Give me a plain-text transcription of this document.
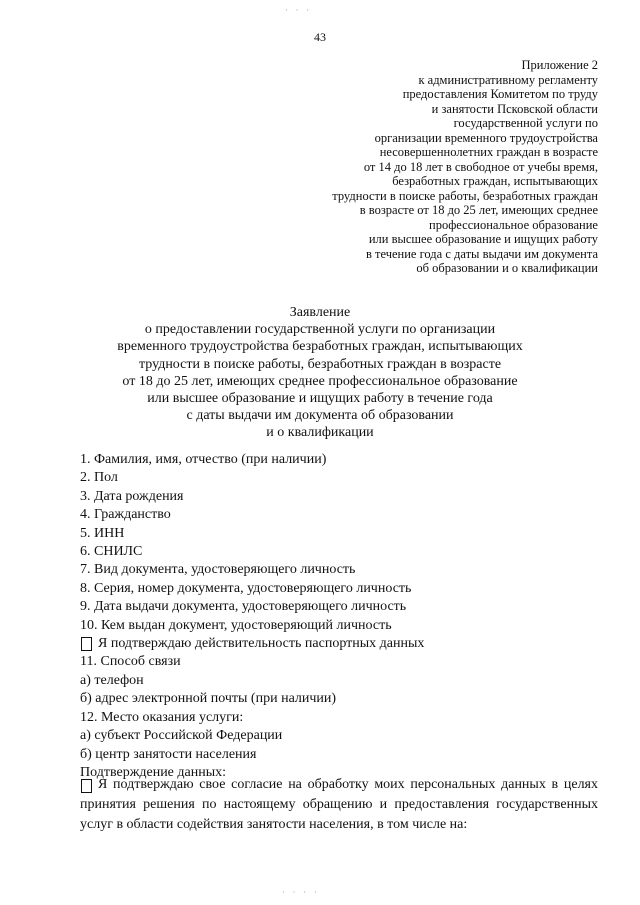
· · ·
43
Приложение 2
к административному регламенту
предоставления Комитетом по труду
и занятости Псковской области
государственной услуги по
организации временного трудоустройства
несовершеннолетних граждан в возрасте
от 14 до 18 лет в свободное от учебы время,
безработных граждан, испытывающих
трудности в поиске работы, безработных граждан
в возрасте от 18 до 25 лет, имеющих среднее
профессиональное образование
или высшее образование и ищущих работу
в течение года с даты выдачи им документа
об образовании и о квалификации
Заявление
о предоставлении государственной услуги по организации
временного трудоустройства безработных граждан, испытывающих
трудности в поиске работы, безработных граждан в возрасте
от 18 до 25 лет, имеющих среднее профессиональное образование
или высшее образование и ищущих работу в течение года
с даты выдачи им документа об образовании
и о квалификации
1. Фамилия, имя, отчество (при наличии)
2. Пол
3. Дата рождения
4. Гражданство
5. ИНН
6. СНИЛС
7. Вид документа, удостоверяющего личность
8. Серия, номер документа, удостоверяющего личность
9. Дата выдачи документа, удостоверяющего личность
10. Кем выдан документ, удостоверяющий личность
Я подтверждаю действительность паспортных данных
11. Способ связи
а) телефон
б) адрес электронной почты (при наличии)
12. Место оказания услуги:
а) субъект Российской Федерации
б) центр занятости населения
Подтверждение данных:
Я подтверждаю свое согласие на обработку моих персональных данных в целях
принятия решения по настоящему обращению и предоставления государственных
услуг в области содействия занятости населения, в том числе на:
· · · ·
